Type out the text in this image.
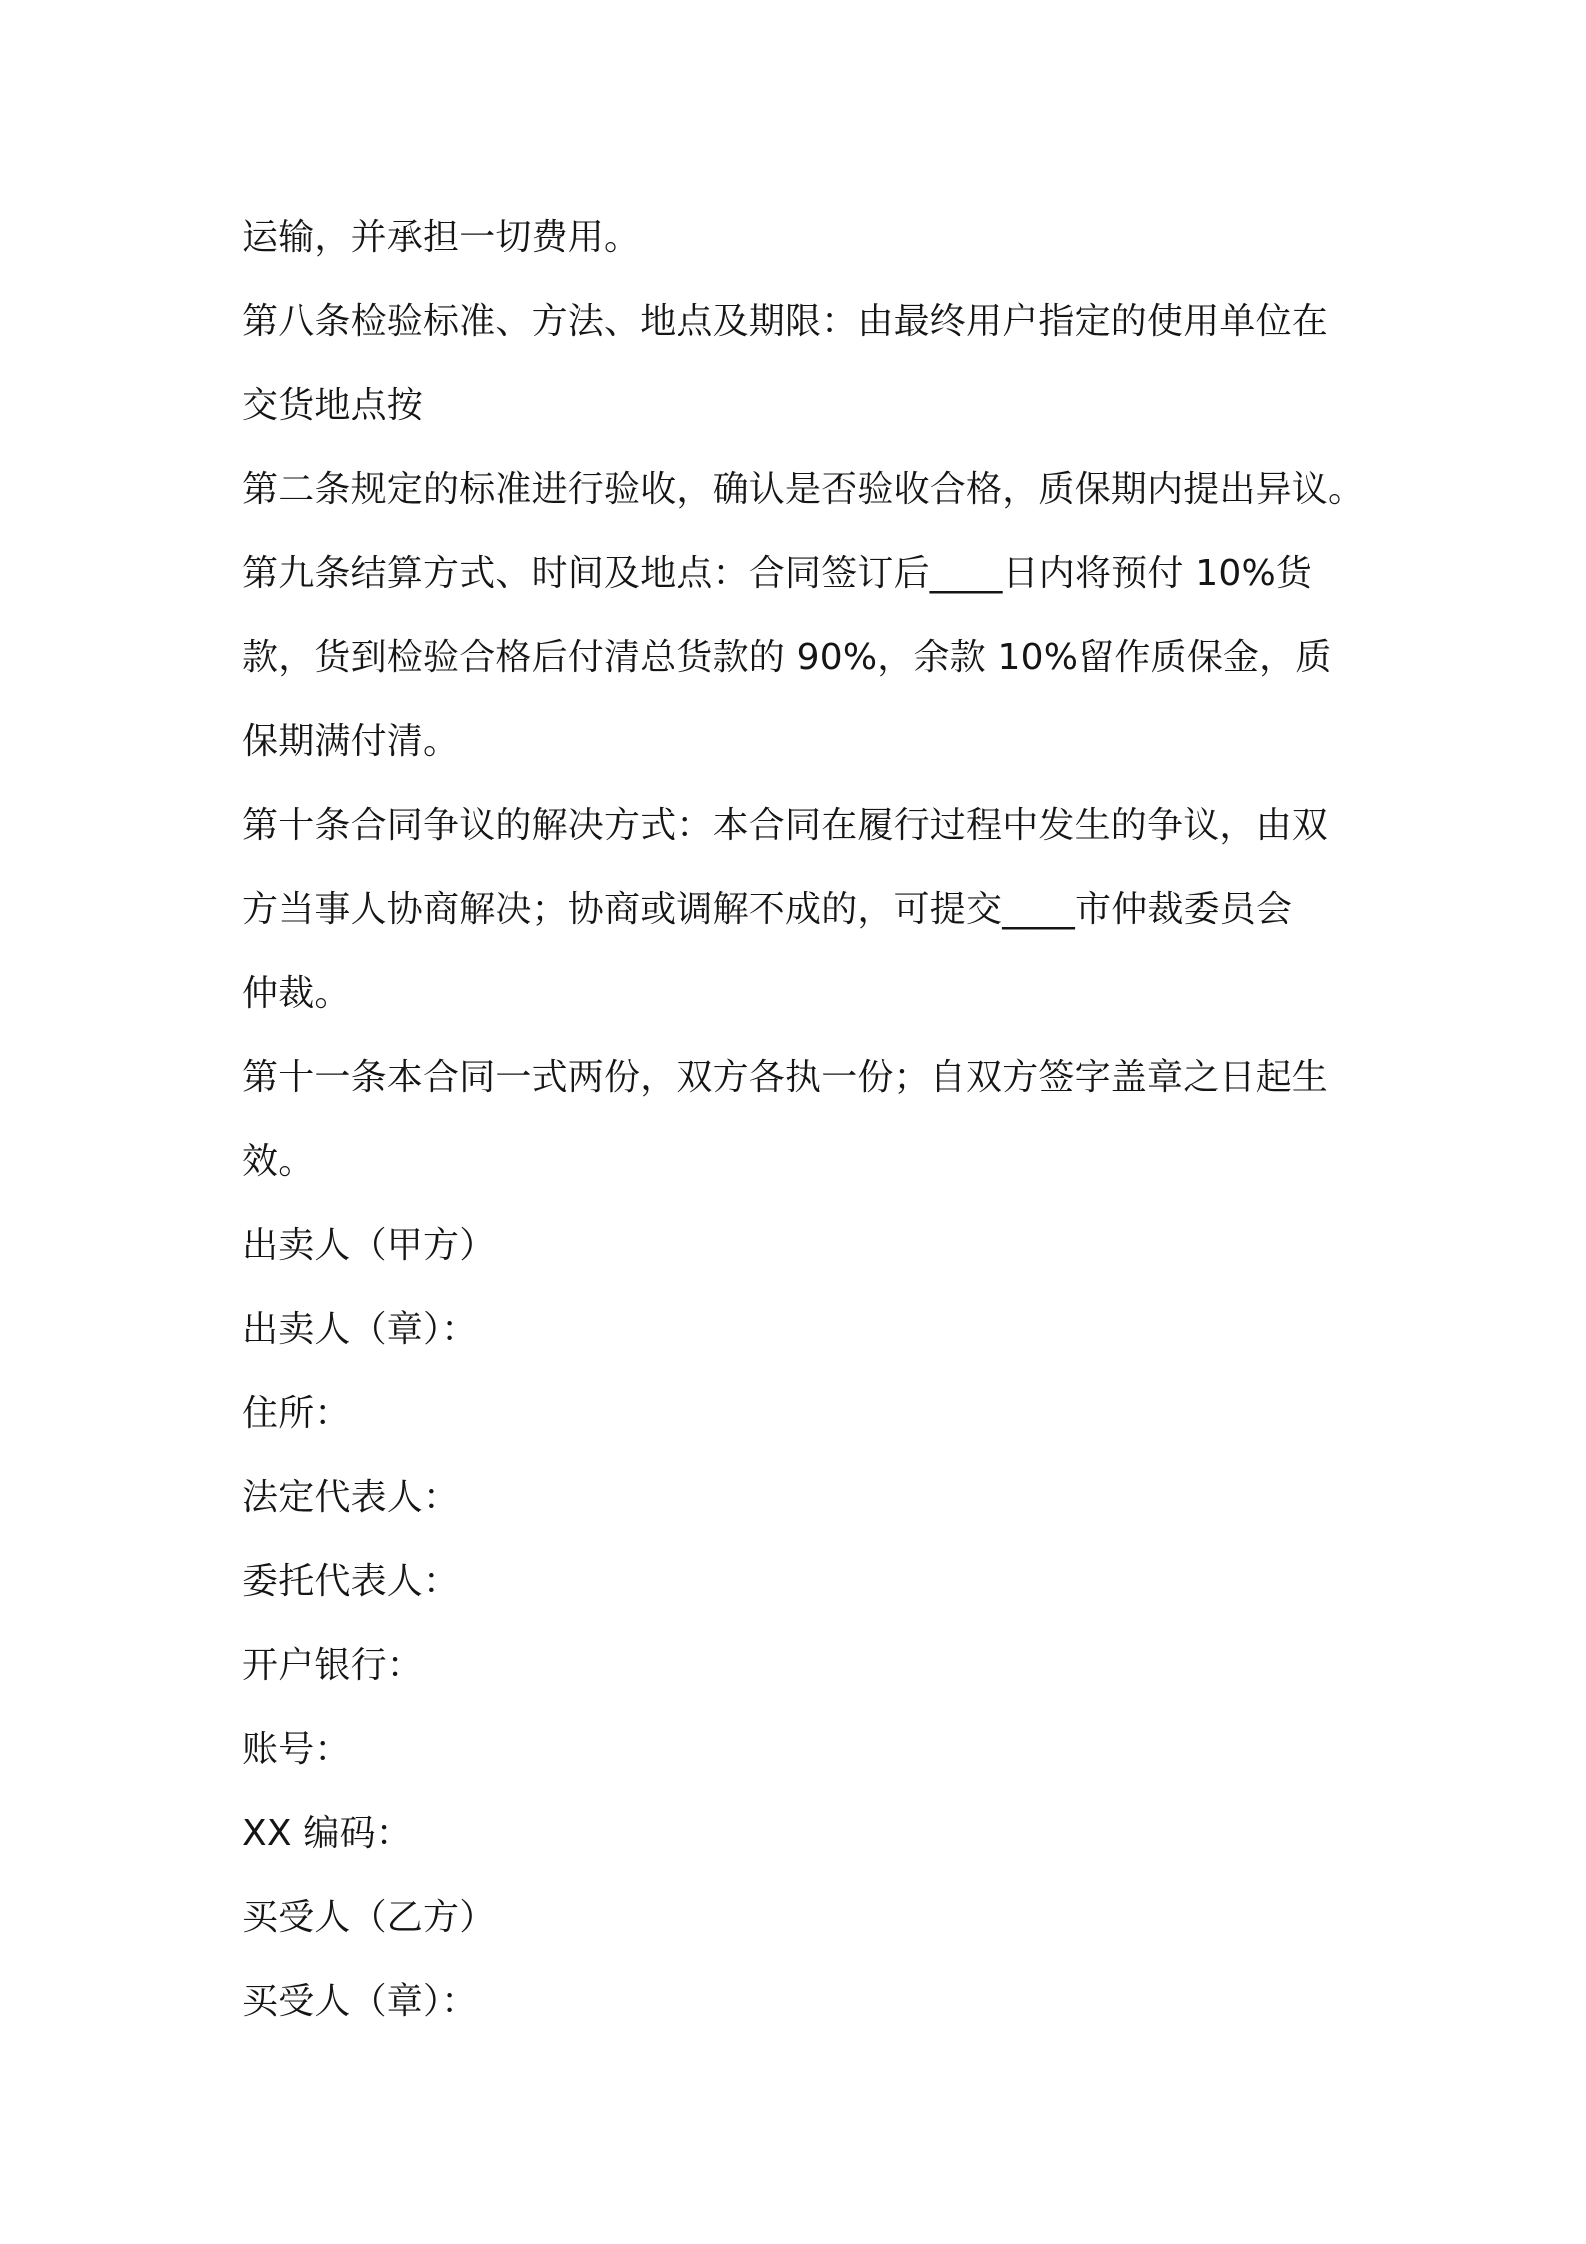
运输，并承担一切费用。
第八条检验标准、方法、地点及期限：由最终用户指定的使用单位在
交货地点按
第二条规定的标准进行验收，确认是否验收合格，质保期内提出异议。
第九条结算方式、时间及地点：合同签订后____日内将预付 10%货
款，货到检验合格后付清总货款的 90%，余款 10%留作质保金，质
保期满付清。
第十条合同争议的解决方式：本合同在履行过程中发生的争议，由双
方当事人协商解决；协商或调解不成的，可提交____市仲裁委员会
仲裁。
第十一条本合同一式两份，双方各执一份；自双方签字盖章之日起生
效。
出卖人（甲方）
出卖人（章）：
住所：
法定代表人：
委托代表人：
开户银行：
账号：
XX 编码：
买受人（乙方）
买受人（章）：
